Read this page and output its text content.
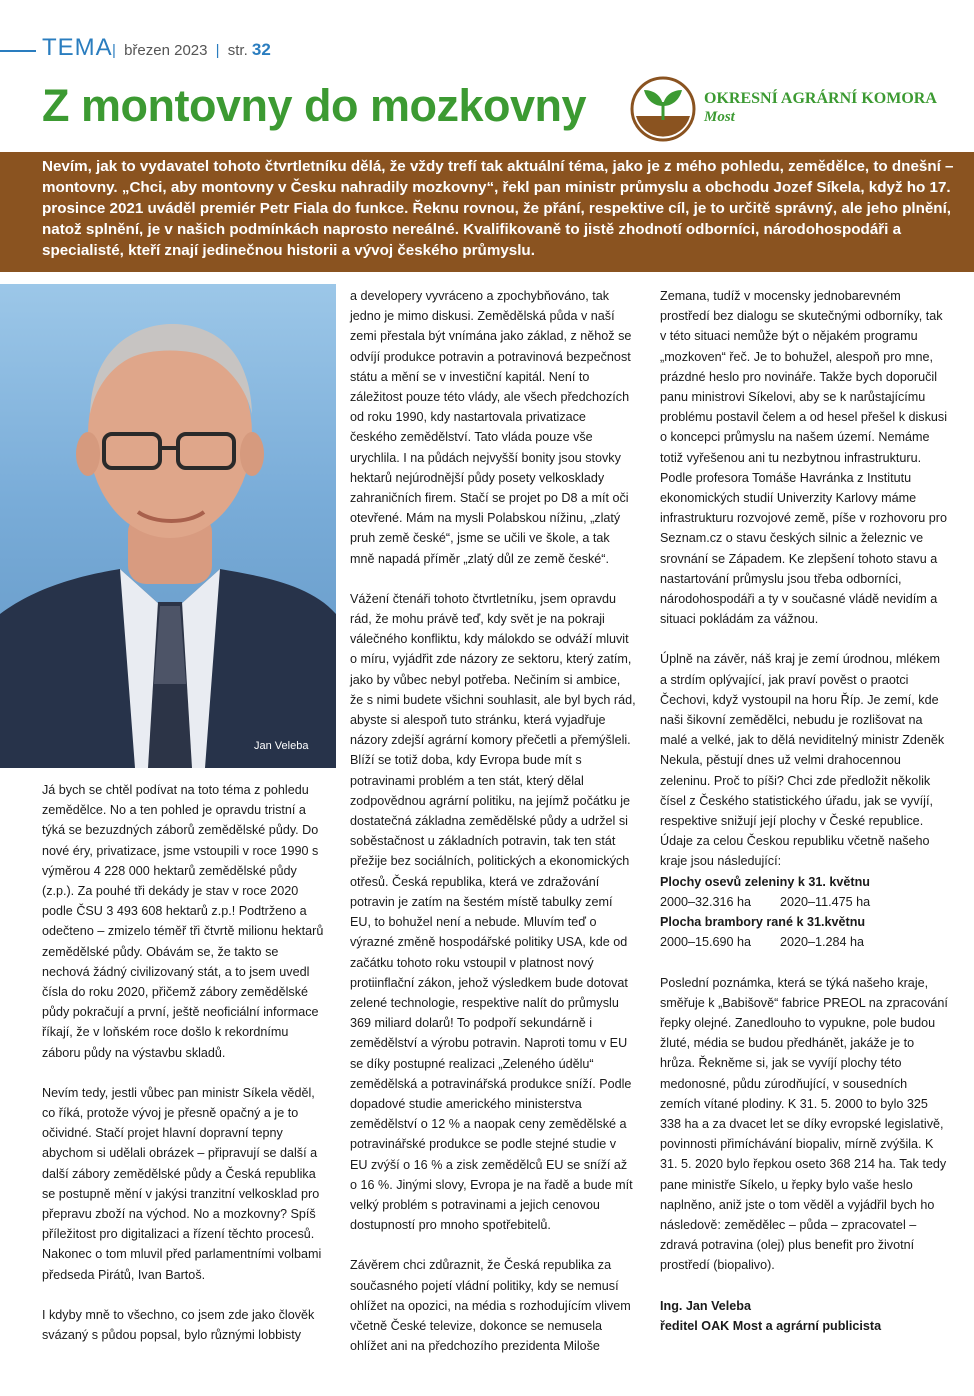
TEMA | březen 2023 | str. 32
Z montovny do mozkovny	OKRESNÍ AGRÁRNÍ KOMORA
Most
Nevím, jak to vydavatel tohoto čtvrtletníku dělá, že vždy trefí tak aktuální téma, jako je z mého pohledu, zemědělce, to dnešní – montovny. „Chci, aby montovny v Česku nahradily mozkovny“, řekl pan ministr průmyslu a obchodu Jozef Síkela, když ho 17. prosince 2021 uváděl premiér Petr Fiala do funkce. Řeknu rovnou, že přání, respektive cíl, je to určitě správný, ale jeho plnění, natož splnění, je v našich podmínkách naprosto nereálné. Kvalifikovaně to jistě zhodnotí odborníci, národohospodáři a specialisté, kteří znají jedinečnou historii a vývoj českého průmyslu.
Jan Veleba

Já bych se chtěl podívat na toto téma z pohledu zemědělce. No a ten pohled je opravdu tristní a týká se bezuzdných záborů zemědělské půdy. Do nové éry, privatizace, jsme vstoupili v roce 1990 s výměrou 4 228 000 hektarů zemědělské půdy (z.p.). Za pouhé tři dekády je stav v roce 2020 podle ČSU 3 493 608 hektarů z.p.! Podtrženo a odečteno – zmizelo téměř tři čtvrtě milionu hektarů zemědělské půdy. Obávám se, že takto se nechová žádný civilizovaný stát, a to jsem uvedl čísla do roku 2020, přičemž zábory zemědělské půdy pokračují a první, ještě neoficiální informace říkají, že v loňském roce došlo k rekordnímu záboru půdy na výstavbu skladů.

Nevím tedy, jestli vůbec pan ministr Síkela věděl, co říká, protože vývoj je přesně opačný a je to očividné. Stačí projet hlavní dopravní tepny abychom si udělali obrázek – připravují se další a další zábory zemědělské půdy a Česká republika se postupně mění v jakýsi tranzitní velkosklad pro přepravu zboží na východ. No a mozkovny? Spíš příležitost pro digitalizaci a řízení těchto procesů. Nakonec o tom mluvil před parlamentními volbami předseda Pirátů, Ivan Bartoš.

I kdyby mně to všechno, co jsem zde jako člověk svázaný s půdou popsal, bylo různými lobbisty

a developery vyvráceno a zpochybňováno, tak jedno je mimo diskusi. Zemědělská půda v naší zemi přestala být vnímána jako základ, z něhož se odvíjí produkce potravin a potravinová bezpečnost státu a mění se v investiční kapitál. Není to záležitost pouze této vlády, ale všech předchozích od roku 1990, kdy nastartovala privatizace českého zemědělství. Tato vláda pouze vše urychlila. I na půdách nejvyšší bonity jsou stovky hektarů nejúrodnější půdy posety velkosklady zahraničních firem. Stačí se projet po D8 a mít oči otevřené. Mám na mysli Polabskou nížinu, „zlatý pruh země české“, jsme se učili ve škole, a tak mně napadá příměr „zlatý důl ze země české“.

Vážení čtenáři tohoto čtvrtletníku, jsem opravdu rád, že mohu právě teď, kdy svět je na pokraji válečného konfliktu, kdy málokdo se odváží mluvit o míru, vyjádřit zde názory ze sektoru, který zatím, jako by vůbec nebyl potřeba. Nečiním si ambice, že s nimi budete všichni souhlasit, ale byl bych rád, abyste si alespoň tuto stránku, která vyjadřuje názory zdejší agrární komory přečetli a přemýšleli. Blíží se totiž doba, kdy Evropa bude mít s potravinami problém a ten stát, který dělal zodpovědnou agrární politiku, na jejímž počátku je dostatečná základna zemědělské půdy a udržel si soběstačnost u základních potravin, tak ten stát přežije bez sociálních, politických a ekonomických otřesů. Česká republika, která ve zdražování potravin je zatím na šestém místě tabulky zemí EU, to bohužel není a nebude. Mluvím teď o výrazné změně hospodářské politiky USA, kde od začátku tohoto roku vstoupil v platnost nový protiinflační zákon, jehož výsledkem bude dotovat zelené technologie, respektive nalít do průmyslu 369 miliard dolarů! To podpoří sekundárně i zemědělství a výrobu potravin. Naproti tomu v EU se díky postupné realizaci „Zeleného údělu“ zemědělská a potravinářská produkce sníží. Podle dopadové studie amerického ministerstva zemědělství o 12 % a naopak ceny zemědělské a potravinářské produkce se podle stejné studie v EU zvýší o 16 % a zisk zemědělců EU se sníží až o 16 %. Jinými slovy, Evropa je na řadě a bude mít velký problém s potravinami a jejich cenovou dostupností pro mnoho spotřebitelů.

Závěrem chci zdůraznit, že Česká republika za současného pojetí vládní politiky, kdy se nemusí ohlížet na opozici, na média s rozhodujícím vlivem včetně České televize, dokonce se nemusela ohlížet ani na předchozího prezidenta Miloše

Zemana, tudíž v mocensky jednobarevném prostředí bez dialogu se skutečnými odborníky, tak v této situaci nemůže být o nějakém programu „mozkoven“ řeč. Je to bohužel, alespoň pro mne, prázdné heslo pro novináře. Takže bych doporučil panu ministrovi Síkelovi, aby se k narůstajícímu problému postavil čelem a od hesel přešel k diskusi o koncepci průmyslu na našem území. Nemáme totiž vyřešenou ani tu nezbytnou infrastrukturu. Podle profesora Tomáše Havránka z Institutu ekonomických studií Univerzity Karlovy máme infrastrukturu rozvojové země, píše v rozhovoru pro Seznam.cz o stavu českých silnic a železnic ve srovnání se Západem. Ke zlepšení tohoto stavu a nastartování průmyslu jsou třeba odborníci, národohospodáři a ty v současné vládě nevidím a situaci pokládám za vážnou.

Úplně na závěr, náš kraj je zemí úrodnou, mlékem a strdím oplývající, jak praví pověst o praotci Čechovi, když vystoupil na horu Říp. Je zemí, kde naši šikovní zemědělci, nebudu je rozlišovat na malé a velké, jak to dělá neviditelný ministr Zdeněk Nekula, pěstují dnes už velmi drahocennou zeleninu. Proč to píši? Chci zde předložit několik čísel z Českého statistického úřadu, jak se vyvíjí, respektive snižují její plochy v České republice. Údaje za celou Českou republiku včetně našeho kraje jsou následující:

Plochy osevů zeleniny k 31. květnu
2000–32.316 ha	2020–11.475 ha
Plocha brambory rané k 31.květnu
2000–15.690 ha	2020–1.284 ha

Poslední poznámka, která se týká našeho kraje, směřuje k „Babišově“ fabrice PREOL na zpracování řepky olejné. Zanedlouho to vypukne, pole budou žluté, média se budou předhánět, jakáže je to hrůza. Řekněme si, jak se vyvíjí plochy této medonosné, půdu zúrodňující, v sousedních zemích vítané plodiny. K 31. 5. 2000 to bylo 325 338 ha a za dvacet let se díky evropské legislativě, povinnosti přimíchávání biopaliv, mírně zvýšila. K 31. 5. 2020 bylo řepkou oseto 368 214 ha. Tak tedy pane ministře Síkelo, u řepky bylo vaše heslo naplněno, aniž jste o tom věděl a vyjádřil bych ho následově: zemědělec – půda – zpracovatel – zdravá potravina (olej) plus benefit pro životní prostředí (biopalivo).

Ing. Jan Veleba
ředitel OAK Most a agrární publicista
